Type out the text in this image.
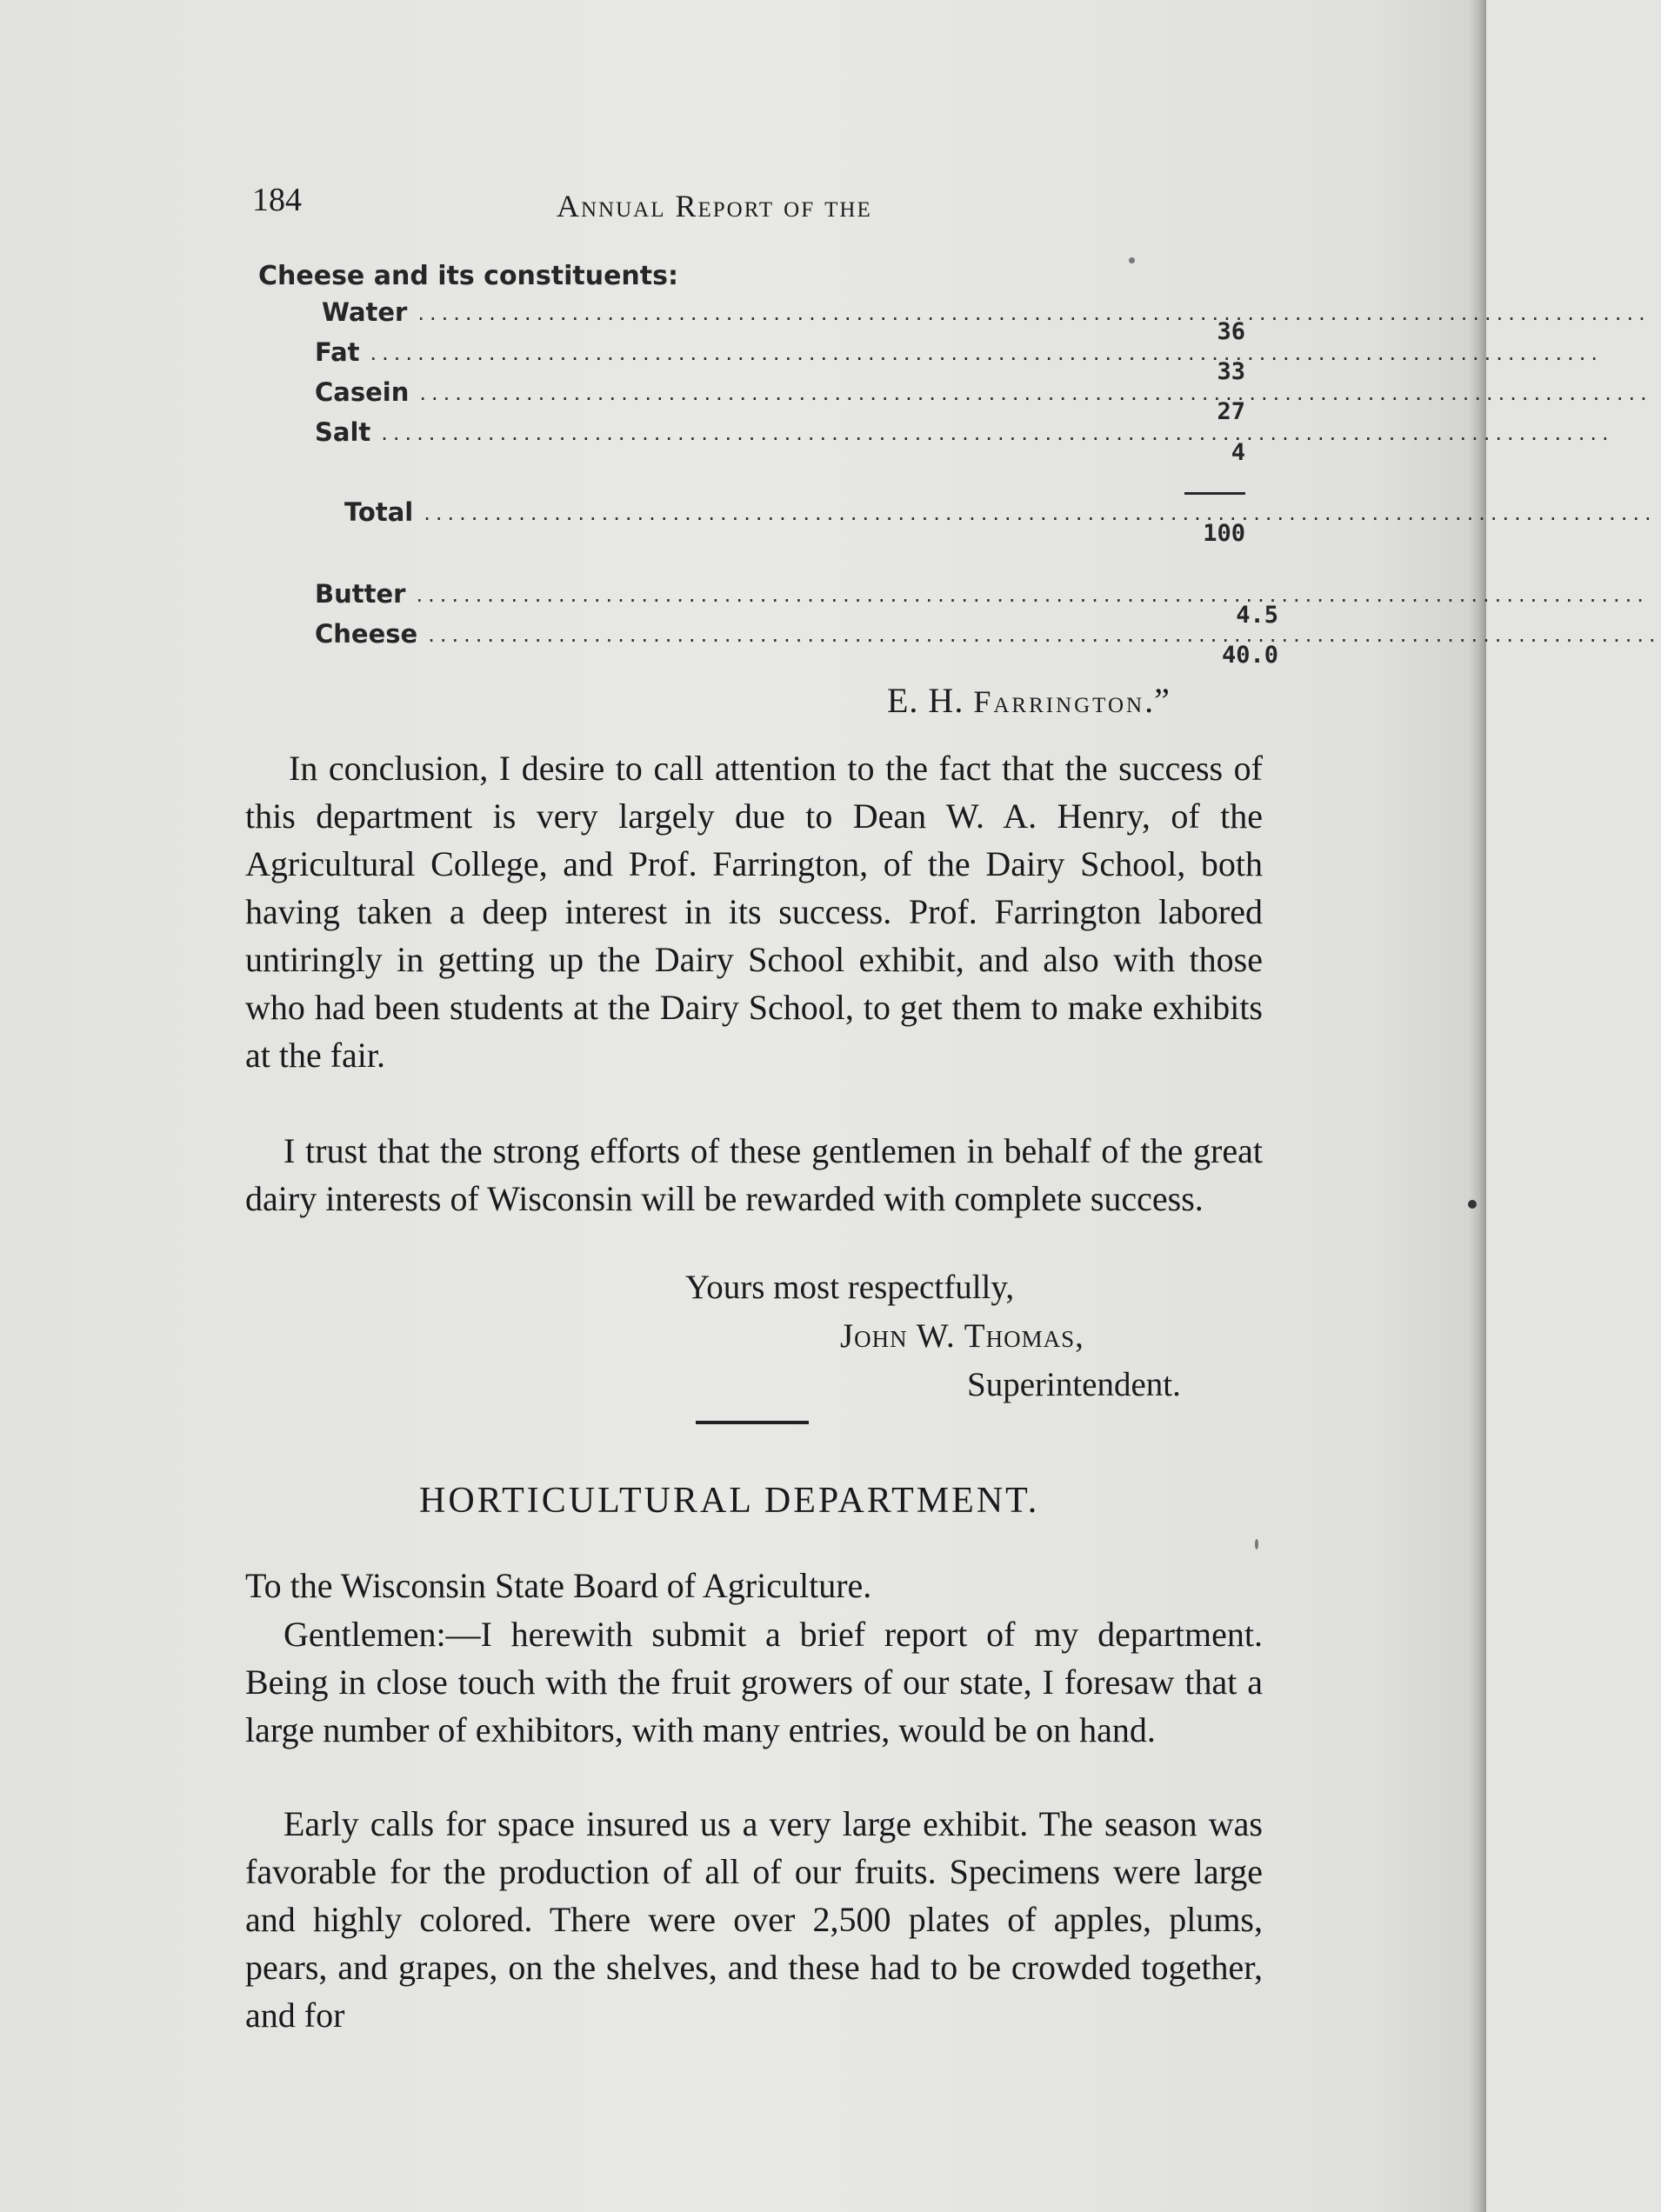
184	Annual Report of the
Cheese and its constituents:
Water ........................................................................................................
36
Fat ........................................................................................................
33
Casein ........................................................................................................
27
Salt ........................................................................................................
4
Total ........................................................................................................
100
Butter ........................................................................................................
4.5
Cheese ........................................................................................................
40.0
E. H. Farrington.”
In conclusion, I desire to call attention to the fact that the success of this department is very largely due to Dean W. A. Henry, of the Agricultural College, and Prof. Farrington, of the Dairy School, both having taken a deep interest in its success. Prof. Farrington labored untiringly in getting up the Dairy School exhibit, and also with those who had been students at the Dairy School, to get them to make exhibits at the fair.
I trust that the strong efforts of these gentlemen in behalf of the great dairy interests of Wisconsin will be rewarded with complete success.
Yours most respectfully,
John W. Thomas,
Superintendent.
HORTICULTURAL DEPARTMENT.
To the Wisconsin State Board of Agriculture.
Gentlemen:—I herewith submit a brief report of my department. Being in close touch with the fruit growers of our state, I foresaw that a large number of exhibitors, with many entries, would be on hand.
Early calls for space insured us a very large exhibit. The season was favorable for the production of all of our fruits. Specimens were large and highly colored. There were over 2,500 plates of apples, plums, pears, and grapes, on the shelves, and these had to be crowded together, and for
